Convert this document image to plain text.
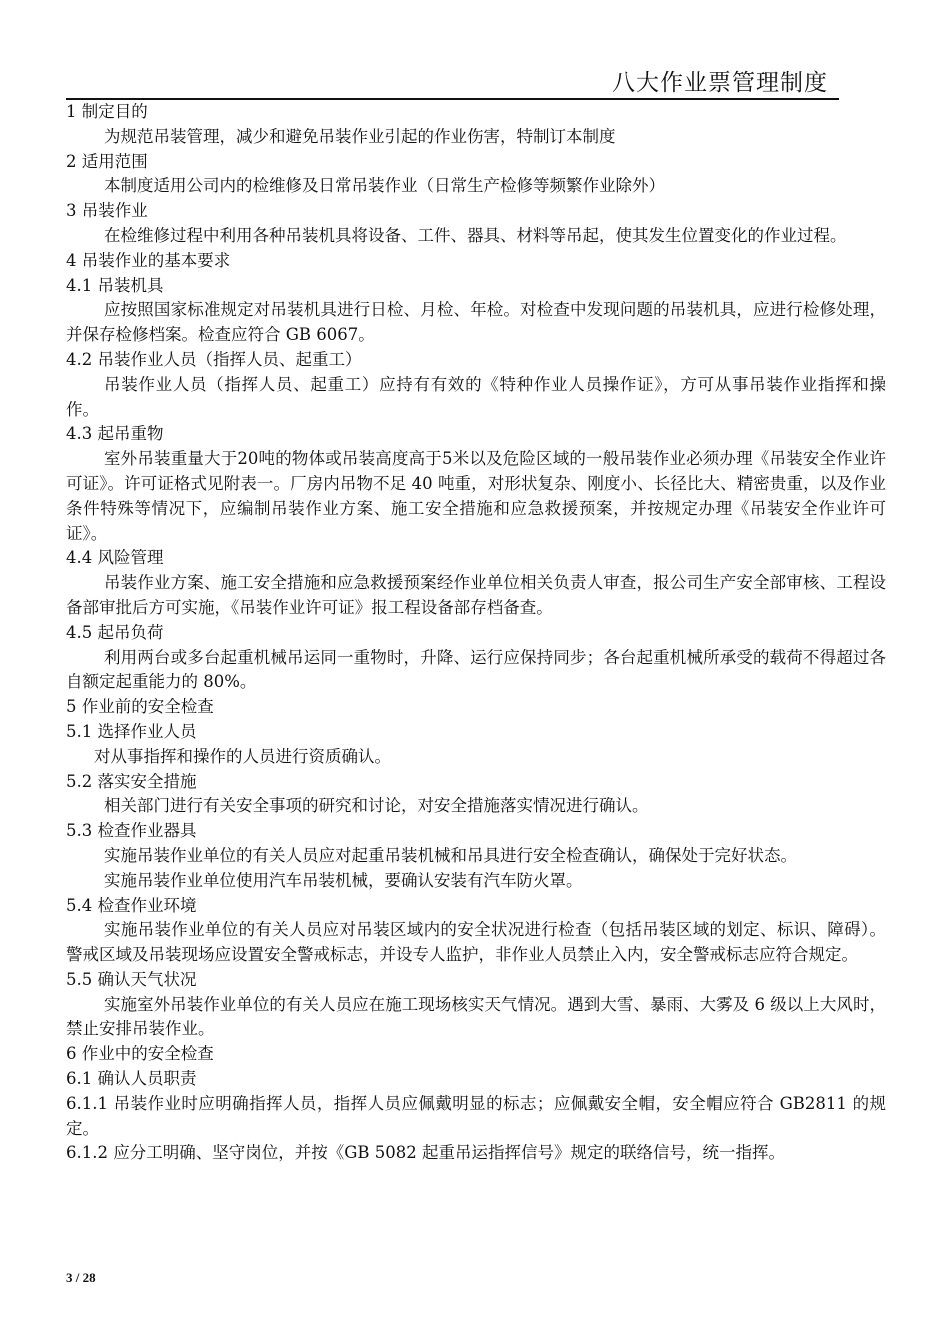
八大作业票管理制度
1 制定目的
为规范吊装管理，减少和避免吊装作业引起的作业伤害，特制订本制度
2 适用范围
本制度适用公司内的检维修及日常吊装作业（日常生产检修等频繁作业除外）
3 吊装作业
在检维修过程中利用各种吊装机具将设备、工件、器具、材料等吊起，使其发生位置变化的作业过程。
4 吊装作业的基本要求
4.1 吊装机具
应按照国家标准规定对吊装机具进行日检、月检、年检。对检查中发现问题的吊装机具，应进行检修处理，并保存检修档案。检查应符合 GB 6067。
4.2 吊装作业人员（指挥人员、起重工）
吊装作业人员（指挥人员、起重工）应持有有效的《特种作业人员操作证》，方可从事吊装作业指挥和操作。
4.3 起吊重物
室外吊装重量大于20吨的物体或吊装高度高于5米以及危险区域的一般吊装作业必须办理《吊装安全作业许可证》。许可证格式见附表一。厂房内吊物不足 40 吨重，对形状复杂、刚度小、长径比大、精密贵重，以及作业条件特殊等情况下，应编制吊装作业方案、施工安全措施和应急救援预案，并按规定办理《吊装安全作业许可证》。
4.4 风险管理
吊装作业方案、施工安全措施和应急救援预案经作业单位相关负责人审查，报公司生产安全部审核、工程设备部审批后方可实施，《吊装作业许可证》报工程设备部存档备查。
4.5 起吊负荷
利用两台或多台起重机械吊运同一重物时，升降、运行应保持同步；各台起重机械所承受的载荷不得超过各自额定起重能力的 80%。
5 作业前的安全检查
5.1 选择作业人员
对从事指挥和操作的人员进行资质确认。
5.2 落实安全措施
相关部门进行有关安全事项的研究和讨论，对安全措施落实情况进行确认。
5.3 检查作业器具
实施吊装作业单位的有关人员应对起重吊装机械和吊具进行安全检查确认，确保处于完好状态。
实施吊装作业单位使用汽车吊装机械，要确认安装有汽车防火罩。
5.4 检查作业环境
实施吊装作业单位的有关人员应对吊装区域内的安全状况进行检查（包括吊装区域的划定、标识、障碍）。警戒区域及吊装现场应设置安全警戒标志，并设专人监护，非作业人员禁止入内，安全警戒标志应符合规定。
5.5 确认天气状况
实施室外吊装作业单位的有关人员应在施工现场核实天气情况。遇到大雪、暴雨、大雾及 6 级以上大风时，禁止安排吊装作业。
6 作业中的安全检查
6.1 确认人员职责
6.1.1 吊装作业时应明确指挥人员，指挥人员应佩戴明显的标志；应佩戴安全帽，安全帽应符合 GB2811 的规定。
6.1.2 应分工明确、坚守岗位，并按《GB 5082 起重吊运指挥信号》规定的联络信号，统一指挥。
3 / 28
